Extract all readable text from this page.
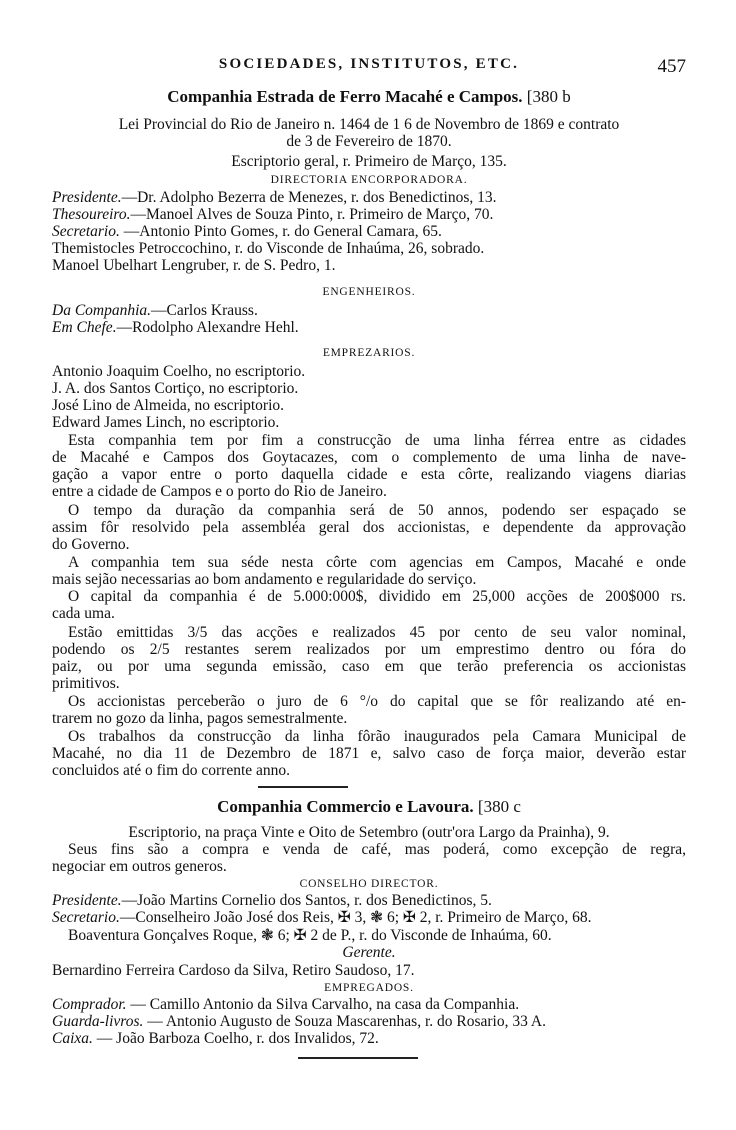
SOCIEDADES, INSTITUTOS, ETC.	457
Companhia Estrada de Ferro Macahé e Campos. [380 b
Lei Provincial do Rio de Janeiro n. 1464 de 1 6 de Novembro de 1869 e contrato
de 3 de Fevereiro de 1870.
Escriptorio geral, r. Primeiro de Março, 135.
DIRECTORIA ENCORPORADORA.
Presidente.—Dr. Adolpho Bezerra de Menezes, r. dos Benedictinos, 13.
Thesoureiro.—Manoel Alves de Souza Pinto, r. Primeiro de Março, 70.
Secretario. —Antonio Pinto Gomes, r. do General Camara, 65.
Themistocles Petroccochino, r. do Visconde de Inhaúma, 26, sobrado.
Manoel Ubelhart Lengruber, r. de S. Pedro, 1.
ENGENHEIROS.
Da Companhia.—Carlos Krauss.
Em Chefe.—Rodolpho Alexandre Hehl.
EMPREZARIOS.
Antonio Joaquim Coelho, no escriptorio.
J. A. dos Santos Cortiço, no escriptorio.
José Lino de Almeida, no escriptorio.
Edward James Linch, no escriptorio.
Esta companhia tem por fim a construcção de uma linha férrea entre as cidades
de Macahé e Campos dos Goytacazes, com o complemento de uma linha de nave-
gação a vapor entre o porto daquella cidade e esta côrte, realizando viagens diarias
entre a cidade de Campos e o porto do Rio de Janeiro.
O tempo da duração da companhia será de 50 annos, podendo ser espaçado se
assim fôr resolvido pela assembléa geral dos accionistas, e dependente da approvação
do Governo.
A companhia tem sua séde nesta côrte com agencias em Campos, Macahé e onde
mais sejão necessarias ao bom andamento e regularidade do serviço.
O capital da companhia é de 5.000:000$, dividido em 25,000 acções de 200$000 rs.
cada uma.
Estão emittidas 3/5 das acções e realizados 45 por cento de seu valor nominal,
podendo os 2/5 restantes serem realizados por um emprestimo dentro ou fóra do
paiz, ou por uma segunda emissão, caso em que terão preferencia os accionistas
primitivos.
Os accionistas perceberão o juro de 6 °/o do capital que se fôr realizando até en-
trarem no gozo da linha, pagos semestralmente.
Os trabalhos da construcção da linha fôrão inaugurados pela Camara Municipal de
Macahé, no dia 11 de Dezembro de 1871 e, salvo caso de força maior, deverão estar
concluidos até o fim do corrente anno.
Companhia Commercio e Lavoura. [380 c
Escriptorio, na praça Vinte e Oito de Setembro (outr'ora Largo da Prainha), 9.
Seus fins são a compra e venda de café, mas poderá, como excepção de regra,
negociar em outros generos.
CONSELHO DIRECTOR.
Presidente.—João Martins Cornelio dos Santos, r. dos Benedictinos, 5.
Secretario.—Conselheiro João José dos Reis, ✠ 3, ❃ 6; ✠ 2, r. Primeiro de Março, 68.
Boaventura Gonçalves Roque, ❃ 6; ✠ 2 de P., r. do Visconde de Inhaúma, 60.
Gerente.
Bernardino Ferreira Cardoso da Silva, Retiro Saudoso, 17.
EMPREGADOS.
Comprador. — Camillo Antonio da Silva Carvalho, na casa da Companhia.
Guarda-livros. — Antonio Augusto de Souza Mascarenhas, r. do Rosario, 33 A.
Caixa. — João Barboza Coelho, r. dos Invalidos, 72.
